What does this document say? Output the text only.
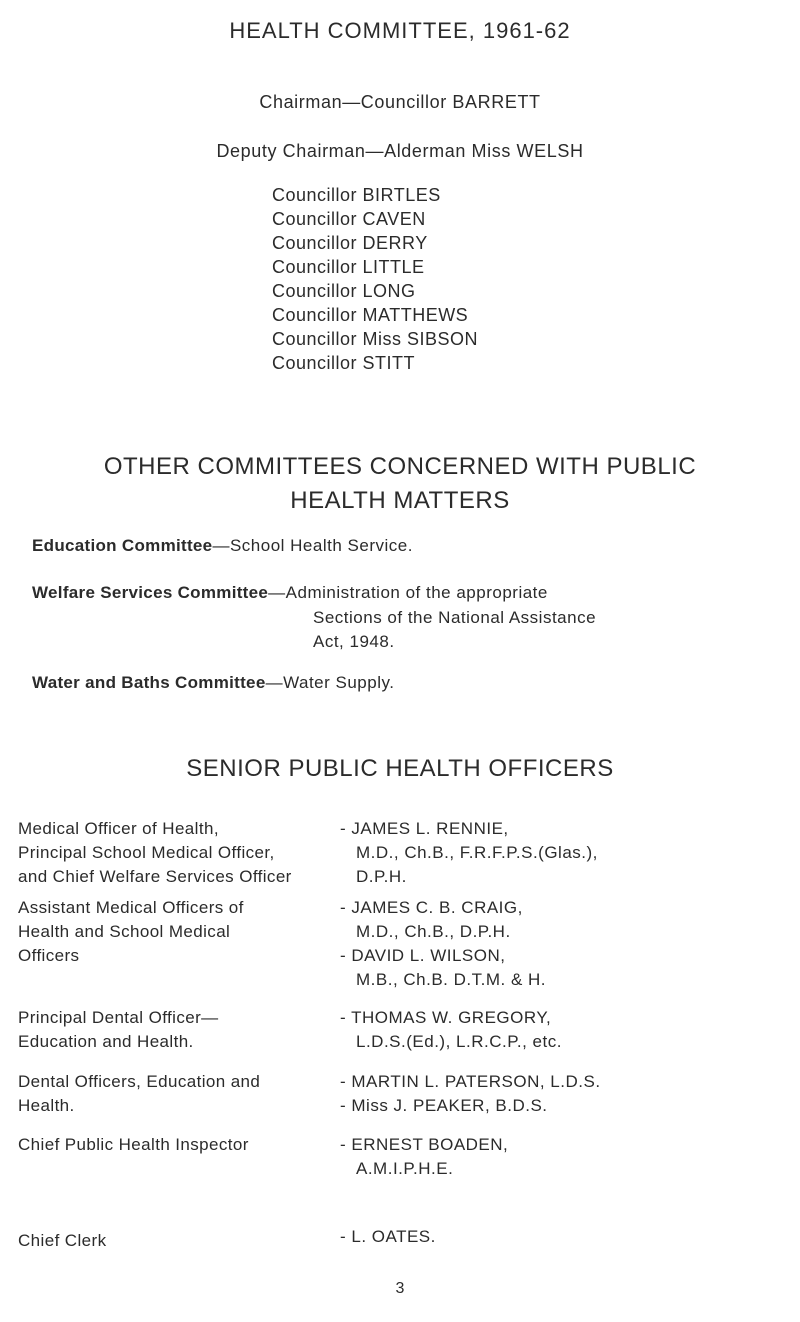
HEALTH COMMITTEE, 1961-62
Chairman—Councillor BARRETT
Deputy Chairman—Alderman Miss WELSH
Councillor BIRTLES
Councillor CAVEN
Councillor DERRY
Councillor LITTLE
Councillor LONG
Councillor MATTHEWS
Councillor Miss SIBSON
Councillor STITT
OTHER COMMITTEES CONCERNED WITH PUBLIC
HEALTH MATTERS
Education Committee—School Health Service.
Welfare Services Committee—Administration of the appropriate
Sections of the National Assistance
Act, 1948.
Water and Baths Committee—Water Supply.
SENIOR PUBLIC HEALTH OFFICERS
Medical Officer of Health,
Principal School Medical Officer,
and Chief Welfare Services Officer
- JAMES L. RENNIE,
M.D., Ch.B., F.R.F.P.S.(Glas.),
D.P.H.
Assistant Medical Officers of
Health and School Medical
Officers
- JAMES C. B. CRAIG,
M.D., Ch.B., D.P.H.
- DAVID L. WILSON,
M.B., Ch.B. D.T.M. & H.
Principal Dental Officer—
Education and Health.
- THOMAS W. GREGORY,
L.D.S.(Ed.), L.R.C.P., etc.
Dental Officers, Education and
Health.
- MARTIN L. PATERSON, L.D.S.
- Miss J. PEAKER, B.D.S.
Chief Public Health Inspector	- ERNEST BOADEN,
A.M.I.P.H.E.
Chief Clerk	- L. OATES.
3
